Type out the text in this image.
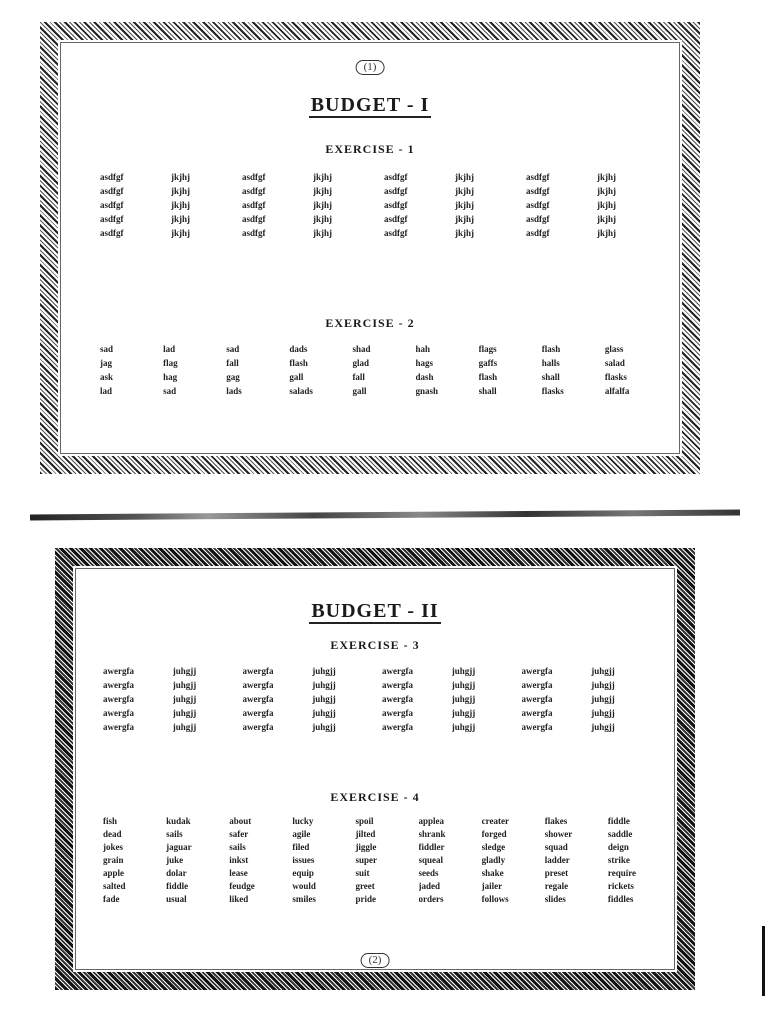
(1)
BUDGET - I
EXERCISE - 1
asdfgf	jkjhj	asdfgf	jkjhj	asdfgf	jkjhj	asdfgf	jkjhj
asdfgf	jkjhj	asdfgf	jkjhj	asdfgf	jkjhj	asdfgf	jkjhj
asdfgf	jkjhj	asdfgf	jkjhj	asdfgf	jkjhj	asdfgf	jkjhj
asdfgf	jkjhj	asdfgf	jkjhj	asdfgf	jkjhj	asdfgf	jkjhj
asdfgf	jkjhj	asdfgf	jkjhj	asdfgf	jkjhj	asdfgf	jkjhj
EXERCISE - 2
sad	lad	sad	dads	shad	hah	flags	flash	glass
jag	flag	fall	flash	glad	hags	gaffs	halls	salad
ask	hag	gag	gall	fall	dash	flash	shall	flasks
lad	sad	lads	salads	gall	gnash	shall	flasks	alfalfa
BUDGET - II
EXERCISE - 3
awergfa	juhgjj	awergfa	juhgjj	awergfa	juhgjj	awergfa	juhgjj
awergfa	juhgjj	awergfa	juhgjj	awergfa	juhgjj	awergfa	juhgjj
awergfa	juhgjj	awergfa	juhgjj	awergfa	juhgjj	awergfa	juhgjj
awergfa	juhgjj	awergfa	juhgjj	awergfa	juhgjj	awergfa	juhgjj
awergfa	juhgjj	awergfa	juhgjj	awergfa	juhgjj	awergfa	juhgjj
EXERCISE - 4
fish	kudak	about	lucky	spoil	applea	creater	flakes	fiddle
dead	sails	safer	agile	jilted	shrank	forged	shower	saddle
jokes	jaguar	sails	filed	jiggle	fiddler	sledge	squad	deign
grain	juke	inkst	issues	super	squeal	gladly	ladder	strike
apple	dolar	lease	equip	suit	seeds	shake	preset	require
salted	fiddle	feudge	would	greet	jaded	jailer	regale	rickets
fade	usual	liked	smiles	pride	orders	follows	slides	fiddles
(2)
